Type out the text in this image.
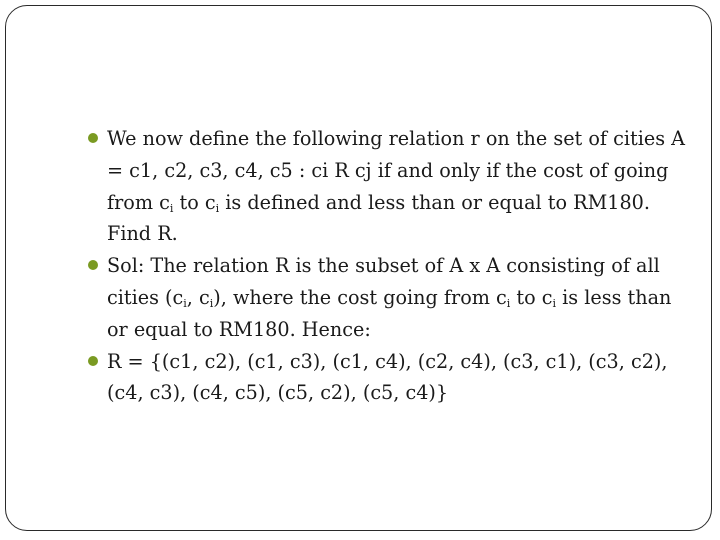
We now define the following relation r on the set of cities A = c1, c2, c3, c4, c5 : ci R cj if and only if the cost of going from $c_i$ to $c_i$ is defined and less than or equal to RM180. Find R.

Sol: The relation R is the subset of A x A consisting of all cities ($c_i$, $c_i$), where the cost going from $c_i$ to $c_i$ is less than or equal to RM180. Hence:

R = {(c1, c2), (c1, c3), (c1, c4), (c2, c4), (c3, c1), (c3, c2), (c4, c3), (c4, c5), (c5, c2), (c5, c4)}
